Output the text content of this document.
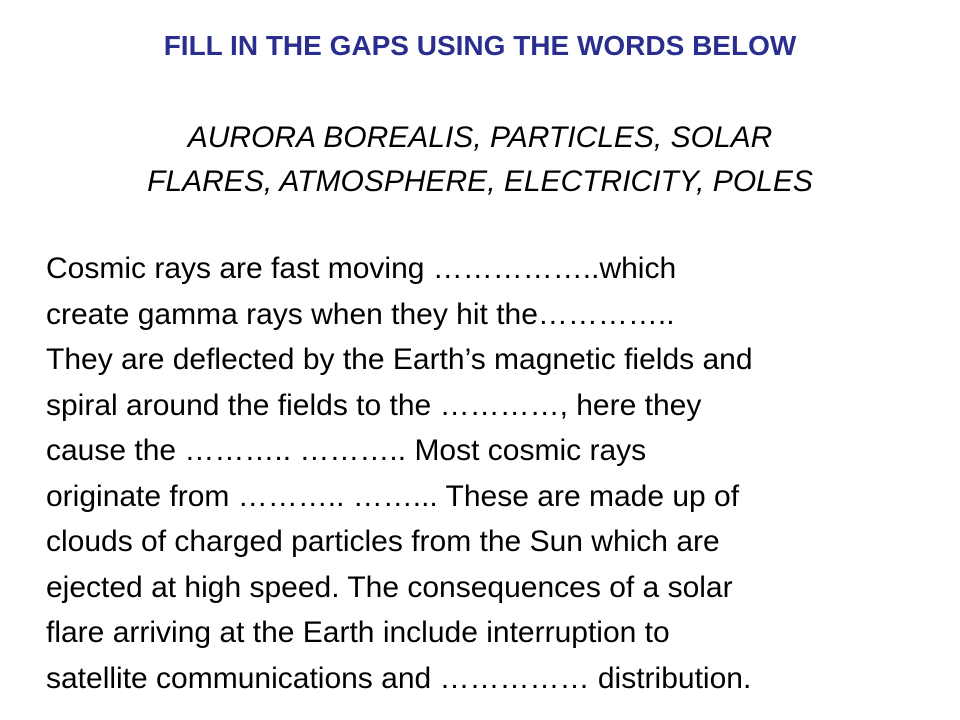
FILL IN THE GAPS USING THE WORDS BELOW
AURORA BOREALIS, PARTICLES, SOLAR
FLARES, ATMOSPHERE, ELECTRICITY, POLES
Cosmic rays are fast moving ……………..which
create gamma rays when they hit the…………..
They are deflected by the Earth’s magnetic fields and
spiral around the fields to the …………, here they
cause the ……….. ……….. Most cosmic rays
originate from ……….. ……... These are made up of
clouds of charged particles from the Sun which are
ejected at high speed. The consequences of a solar
flare arriving at the Earth include interruption to
satellite communications and …………… distribution.
